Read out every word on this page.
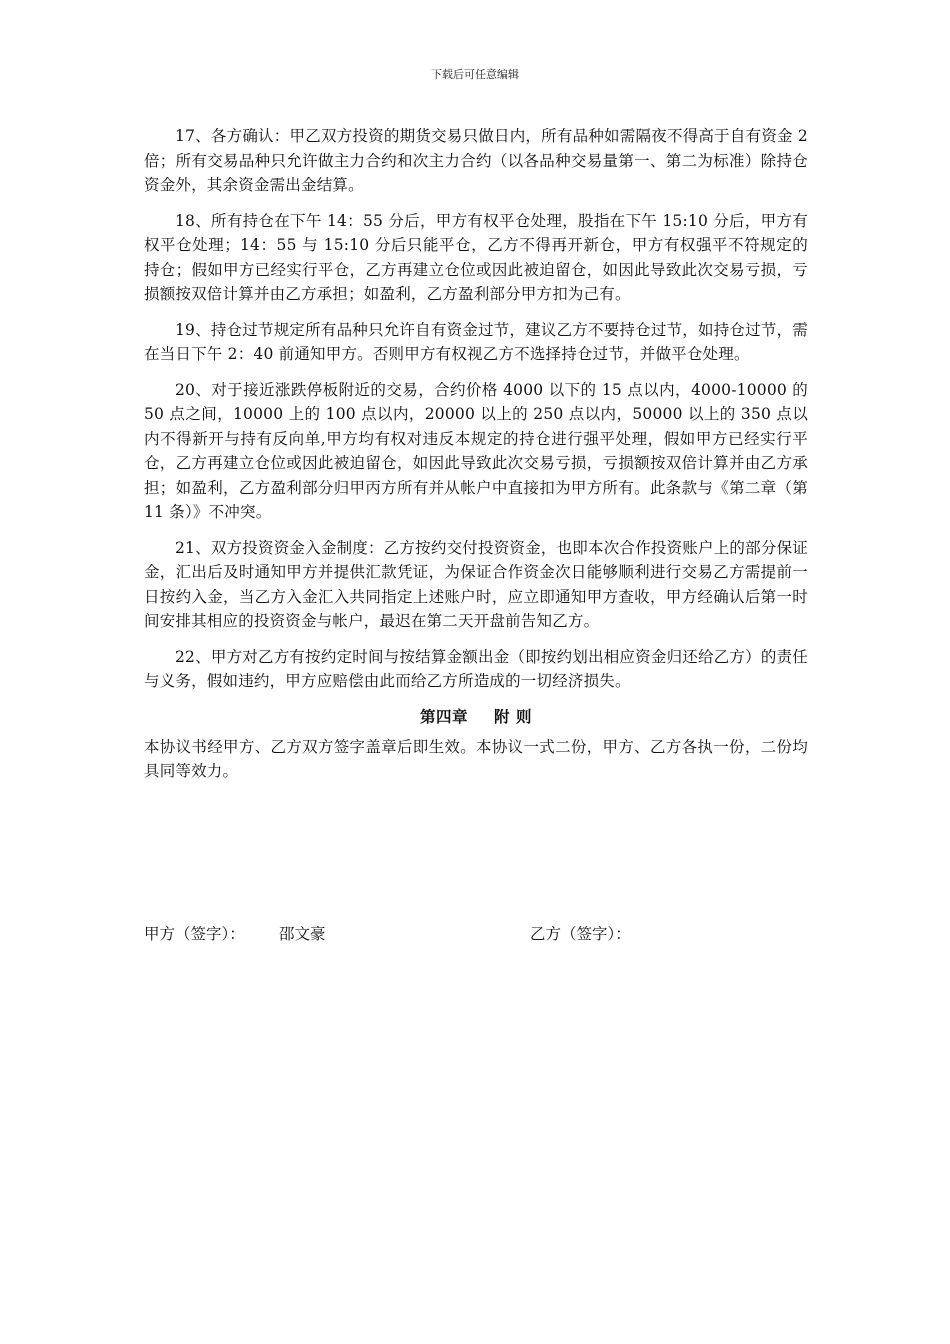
下载后可任意编辑

17、各方确认：甲乙双方投资的期货交易只做日内，所有品种如需隔夜不得高于自有资金 2 倍；所有交易品种只允许做主力合约和次主力合约（以各品种交易量第一、第二为标准）除持仓资金外，其余资金需出金结算。

18、所有持仓在下午 14：55 分后，甲方有权平仓处理，股指在下午 15:10 分后，甲方有权平仓处理；14：55 与 15:10 分后只能平仓，乙方不得再开新仓，甲方有权强平不符规定的持仓；假如甲方已经实行平仓，乙方再建立仓位或因此被迫留仓，如因此导致此次交易亏损，亏损额按双倍计算并由乙方承担；如盈利，乙方盈利部分甲方扣为己有。

19、持仓过节规定所有品种只允许自有资金过节，建议乙方不要持仓过节，如持仓过节，需在当日下午 2：40 前通知甲方。否则甲方有权视乙方不选择持仓过节，并做平仓处理。

20、对于接近涨跌停板附近的交易，合约价格 4000 以下的 15 点以内，4000-10000 的 50 点之间，10000 上的 100 点以内，20000 以上的 250 点以内，50000 以上的 350 点以内不得新开与持有反向单,甲方均有权对违反本规定的持仓进行强平处理，假如甲方已经实行平仓，乙方再建立仓位或因此被迫留仓，如因此导致此次交易亏损，亏损额按双倍计算并由乙方承担；如盈利，乙方盈利部分归甲丙方所有并从帐户中直接扣为甲方所有。此条款与《第二章（第 11 条）》不冲突。

21、双方投资资金入金制度：乙方按约交付投资资金，也即本次合作投资账户上的部分保证金，汇出后及时通知甲方并提供汇款凭证，为保证合作资金次日能够顺利进行交易乙方需提前一日按约入金，当乙方入金汇入共同指定上述账户时，应立即通知甲方查收，甲方经确认后第一时间安排其相应的投资资金与帐户，最迟在第二天开盘前告知乙方。

22、甲方对乙方有按约定时间与按结算金额出金（即按约划出相应资金归还给乙方）的责任与义务，假如违约，甲方应赔偿由此而给乙方所造成的一切经济损失。

第四章 附 则

本协议书经甲方、乙方双方签字盖章后即生效。本协议一式二份，甲方、乙方各执一份，二份均具同等效力。

甲方（签字）： 邵文豪	乙方（签字）：
